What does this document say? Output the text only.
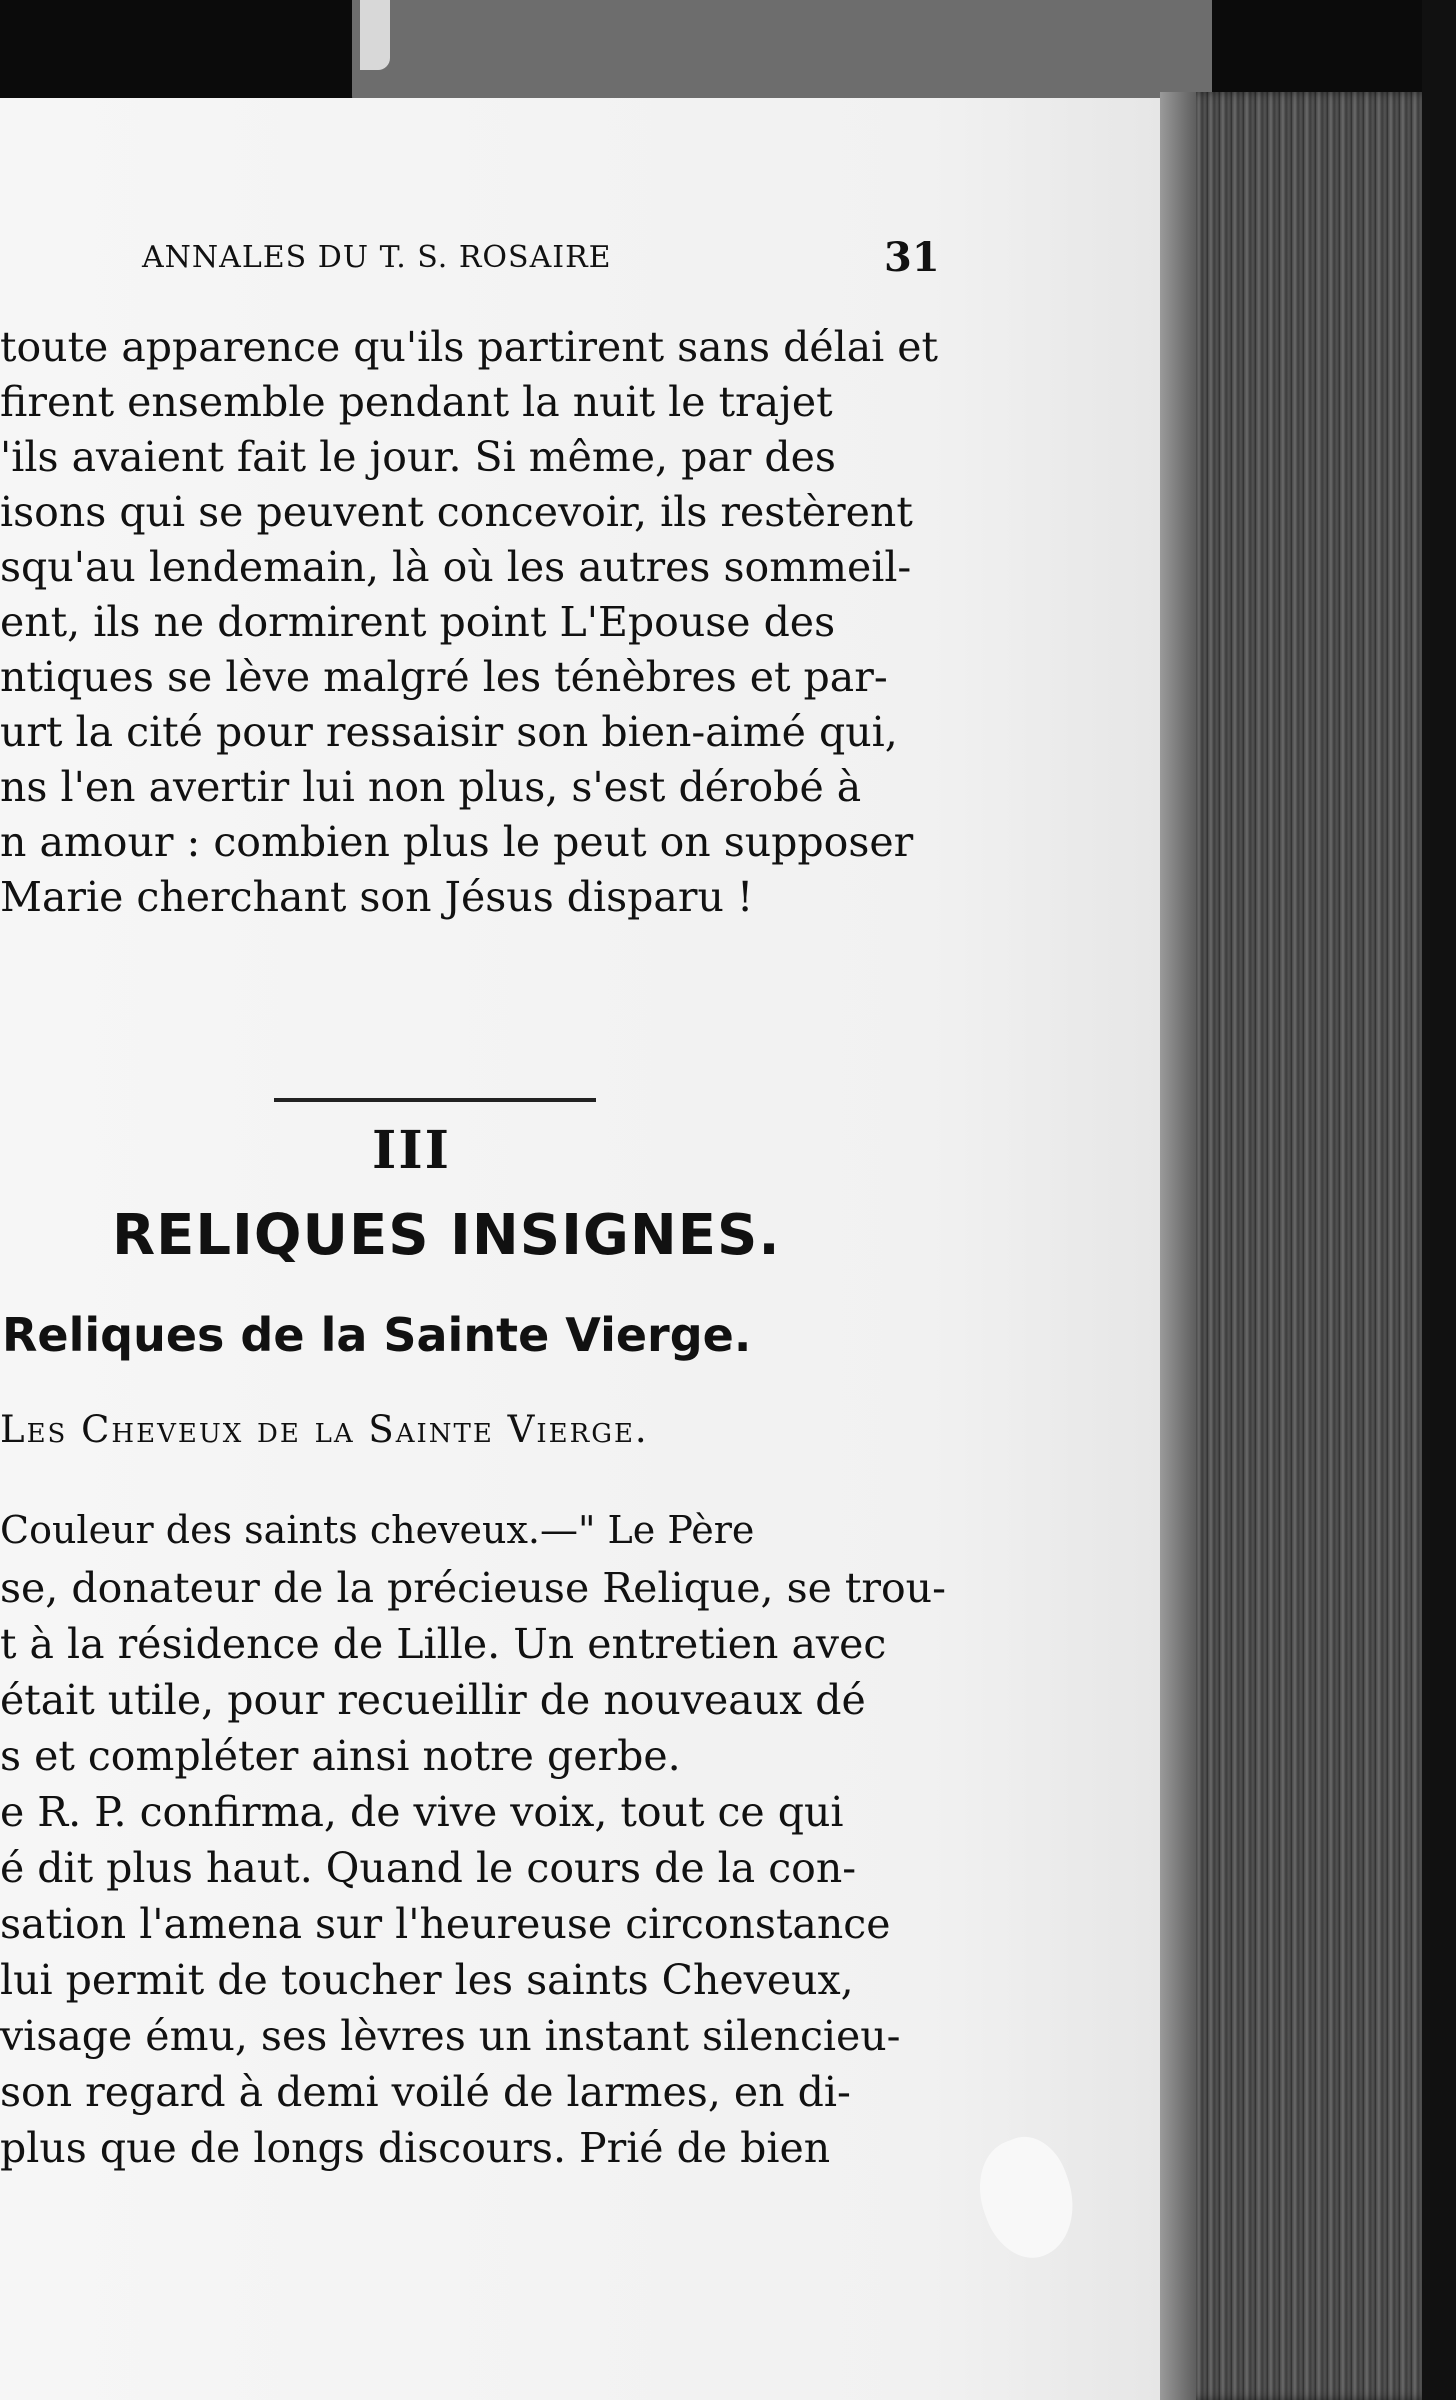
ANNALES DU T. S. ROSAIRE	31
toute apparence qu'ils partirent sans délai et
firent ensemble pendant la nuit le trajet
'ils avaient fait le jour. Si même, par des
isons qui se peuvent concevoir, ils restèrent
squ'au lendemain, là où les autres sommeil-
ent, ils ne dormirent point L'Epouse des
ntiques se lève malgré les ténèbres et par-
urt la cité pour ressaisir son bien-aimé qui,
ns l'en avertir lui non plus, s'est dérobé à
n amour : combien plus le peut on supposer
Marie cherchant son Jésus disparu !
III
RELIQUES INSIGNES.
Reliques de la Sainte Vierge.
Les Cheveux de la Sainte Vierge.
Couleur des saints cheveux.—" Le Père
se, donateur de la précieuse Relique, se trou-
t à la résidence de Lille. Un entretien avec
était utile, pour recueillir de nouveaux dé
s et compléter ainsi notre gerbe.
e R. P. confirma, de vive voix, tout ce qui
é dit plus haut. Quand le cours de la con-
sation l'amena sur l'heureuse circonstance
lui permit de toucher les saints Cheveux,
visage ému, ses lèvres un instant silencieu-
son regard à demi voilé de larmes, en di-
plus que de longs discours. Prié de bien
